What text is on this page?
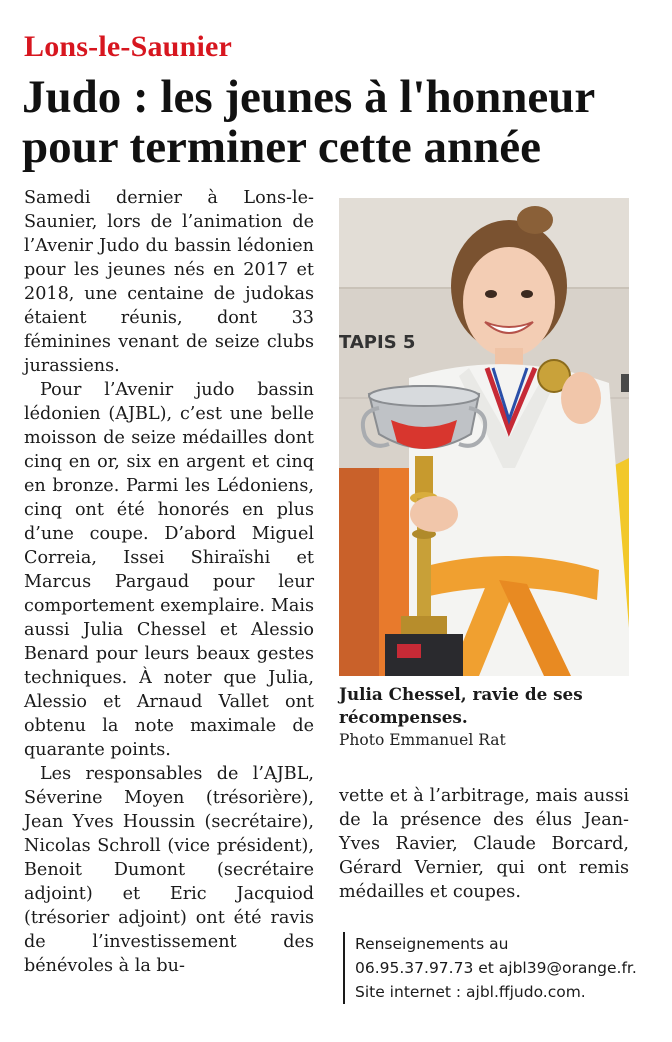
Lons-le-Saunier
Judo : les jeunes à l'honneur pour terminer cette année

Samedi dernier à Lons-le-Saunier, lors de l’animation de l’Avenir Judo du bassin lédonien pour les jeunes nés en 2017 et 2018, une centaine de judokas étaient réunis, dont 33 féminines venant de seize clubs jurassiens.

Pour l’Avenir judo bassin lédonien (AJBL), c’est une belle moisson de seize médailles dont cinq en or, six en argent et cinq en bronze. Parmi les Lédoniens, cinq ont été honorés en plus d’une coupe. D’abord Miguel Correia, Issei Shiraïshi et Marcus Pargaud pour leur comportement exemplaire. Mais aussi Julia Chessel et Alessio Benard pour leurs beaux gestes techniques. À noter que Julia, Alessio et Arnaud Vallet ont obtenu la note maximale de quarante points.

Les responsables de l’AJBL, Séverine Moyen (trésorière), Jean Yves Houssin (secrétaire), Nicolas Schroll (vice président), Benoit Dumont (secrétaire adjoint) et Eric Jacquiod (trésorier adjoint) ont été ravis de l’investissement des bénévoles à la bu-

TAPIS 5
Julia Chessel, ravie de ses récompenses.
Photo Emmanuel Rat

vette et à l’arbitrage, mais aussi de la présence des élus Jean-Yves Ravier, Claude Borcard, Gérard Vernier, qui ont remis médailles et coupes.

Renseignements au
06.95.37.97.73 et ajbl39@orange.fr.
Site internet : ajbl.ffjudo.com.
